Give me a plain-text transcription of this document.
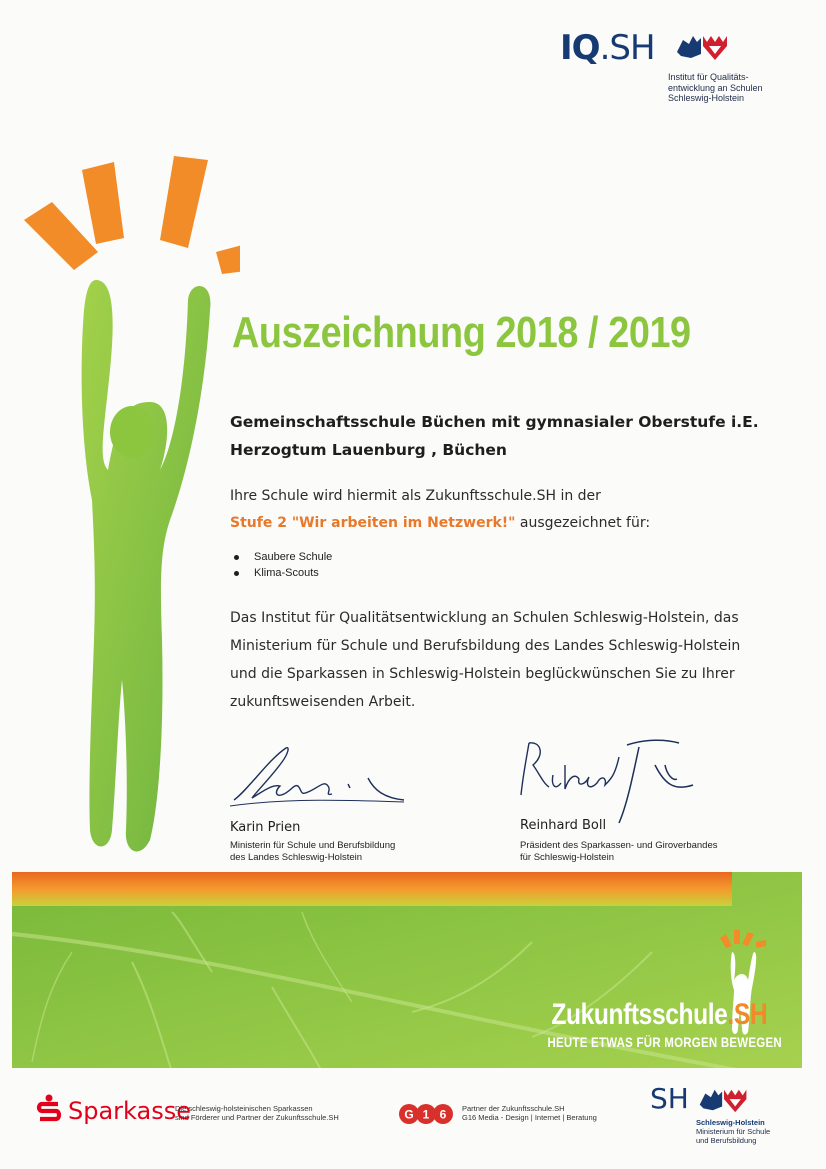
IQ.SH
Institut für Qualitäts-
entwicklung an Schulen
Schleswig-Holstein
Auszeichnung 2018 / 2019
Gemeinschaftsschule Büchen mit gymnasialer Oberstufe i.E.
Herzogtum Lauenburg , Büchen
Ihre Schule wird hiermit als Zukunftsschule.SH in der
Stufe 2 "Wir arbeiten im Netzwerk!" ausgezeichnet für:
Saubere Schule
Klima-Scouts
Das Institut für Qualitätsentwicklung an Schulen Schleswig-Holstein, das
Ministerium für Schule und Berufsbildung des Landes Schleswig-Holstein
und die Sparkassen in Schleswig-Holstein beglückwünschen Sie zu Ihrer
zukunftsweisenden Arbeit.
Karin Prien
Ministerin für Schule und Berufsbildung
des Landes Schleswig-Holstein
Reinhard Boll
Präsident des Sparkassen- und Giroverbandes
für Schleswig-Holstein
Zukunftsschule.SH
HEUTE ETWAS FÜR MORGEN BEWEGEN
Sparkasse
Die schleswig-holsteinischen Sparkassen
sind Förderer und Partner der Zukunftsschule.SH	G 1 6 Partner der Zukunftsschule.SH
G16 Media - Design | Internet | Beratung
SH
Schleswig-Holstein
Ministerium für Schule
und Berufsbildung
